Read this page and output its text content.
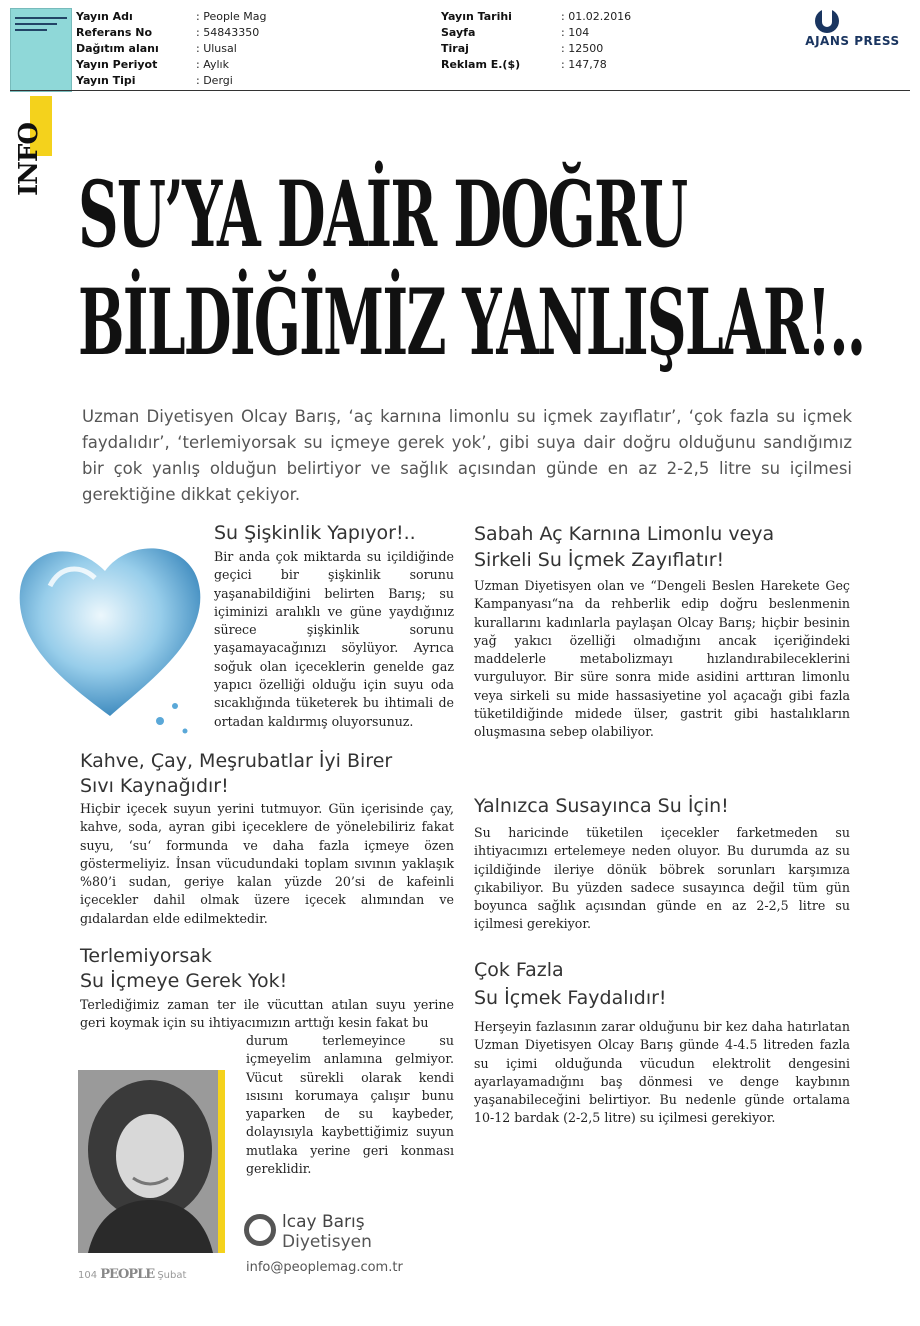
Yayın Adı	: People Mag
Referans No	: 54843350
Dağıtım alanı	: Ulusal
Yayın Periyot	: Aylık
Yayın Tipi	: Dergi
Yayın Tarihi	: 01.02.2016
Sayfa	: 104
Tiraj	: 12500
Reklam E.($)	: 147,78
AJANS PRESS
INFO
SU’YA DAİR DOĞRU
BİLDİĞİMİZ YANLIŞLAR!..
Uzman Diyetisyen Olcay Barış, ‘aç karnına limonlu su içmek zayıflatır’, ‘çok fazla su içmek faydalıdır’, ‘terlemiyorsak su içmeye gerek yok’, gibi suya dair doğru olduğunu sandığımız bir çok yanlış olduğun belirtiyor ve sağlık açısından günde en az 2-2,5 litre su içilmesi gerektiğine dikkat çekiyor.
Su Şişkinlik Yapıyor!..
Bir anda çok miktarda su içildiğinde geçici bir şişkinlik sorunu yaşanabildiğini belirten Barış; su içiminizi aralıklı ve güne yaydığınız sürece şişkinlik sorunu yaşamayacağınızı söylüyor. Ayrıca soğuk olan içeceklerin genelde gaz yapıcı özelliği olduğu için suyu oda sıcaklığında tüketerek bu ihtimali de ortadan kaldırmış oluyorsunuz.
Kahve, Çay, Meşrubatlar İyi Birer
Sıvı Kaynağıdır!
Hiçbir içecek suyun yerini tutmuyor. Gün içerisinde çay, kahve, soda, ayran gibi içeceklere de yönelebiliriz fakat suyu, ‘su‘ formunda ve daha fazla içmeye özen göstermeliyiz. İnsan vücudundaki toplam sıvının yaklaşık %80’i sudan, geriye kalan yüzde 20’si de kafeinli içecekler dahil olmak üzere içecek alımından ve gıdalardan elde edilmektedir.
Terlemiyorsak
Su İçmeye Gerek Yok!
Terlediğimiz zaman ter ile vücuttan atılan suyu yerine geri koymak için su ihtiyacımızın arttığı kesin fakat bu
durum terlemeyince su içmeyelim anlamına gelmiyor. Vücut sürekli olarak kendi ısısını korumaya çalışır bunu yaparken de su kaybeder, dolayısıyla kaybettiğimiz suyun mutlaka yerine geri konması gereklidir.
lcay Barış
Diyetisyen
info@peoplemag.com.tr
104 PEOPLE Şubat
Sabah Aç Karnına Limonlu veya
Sirkeli Su İçmek Zayıflatır!
Uzman Diyetisyen olan ve “Dengeli Beslen Harekete Geç Kampanyası“na da rehberlik edip doğru beslenmenin kurallarını kadınlarla paylaşan Olcay Barış; hiçbir besinin yağ yakıcı özelliği olmadığını ancak içeriğindeki maddelerle metabolizmayı hızlandırabileceklerini vurguluyor. Bir süre sonra mide asidini arttıran limonlu veya sirkeli su mide hassasiyetine yol açacağı gibi fazla tüketildiğinde midede ülser, gastrit gibi hastalıkların oluşmasına sebep olabiliyor.
Yalnızca Susayınca Su İçin!
Su haricinde tüketilen içecekler farketmeden su ihtiyacımızı ertelemeye neden oluyor. Bu durumda az su içildiğinde ileriye dönük böbrek sorunları karşımıza çıkabiliyor. Bu yüzden sadece susayınca değil tüm gün boyunca sağlık açısından günde en az 2-2,5 litre su içilmesi gerekiyor.
Çok Fazla
Su İçmek Faydalıdır!
Herşeyin fazlasının zarar olduğunu bir kez daha hatırlatan Uzman Diyetisyen Olcay Barış günde 4-4.5 litreden fazla su içimi olduğunda vücudun elektrolit dengesini ayarlayamadığını baş dönmesi ve denge kaybının yaşanabileceğini belirtiyor. Bu nedenle günde ortalama 10-12 bardak (2-2,5 litre) su içilmesi gerekiyor.
